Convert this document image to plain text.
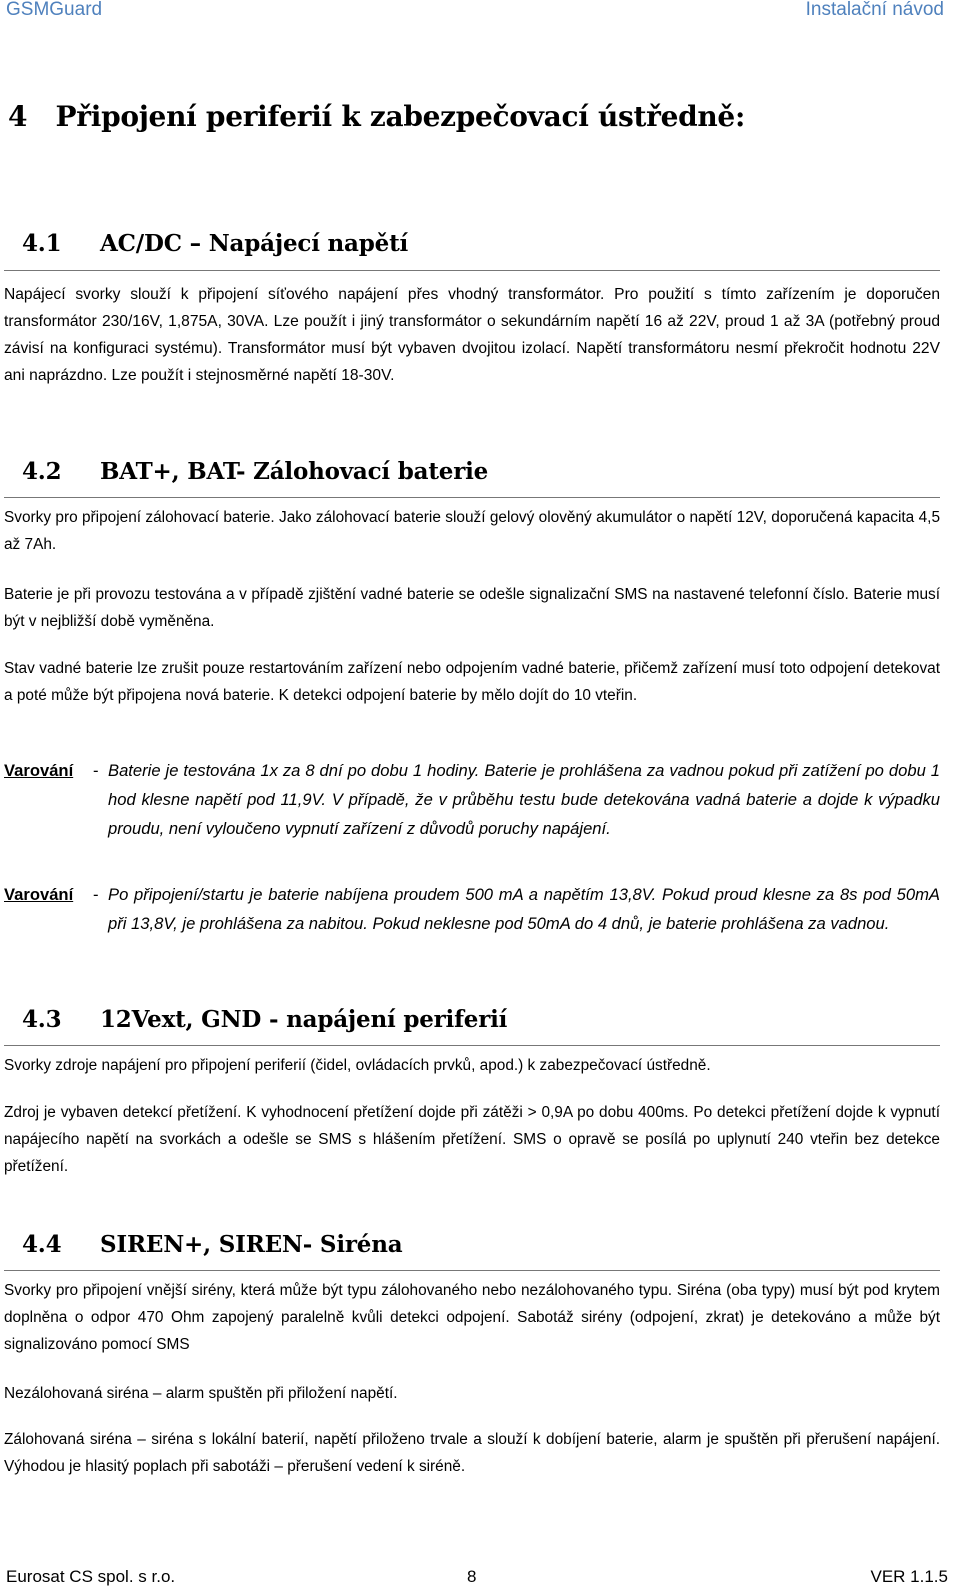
GSMGuard	Instalační návod
4   Připojení periferií k zabezpečovací ústředně:
4.1 AC/DC – Napájecí napětí

Napájecí svorky slouží k připojení síťového napájení přes vhodný transformátor. Pro použití s tímto zařízením je doporučen transformátor 230/16V, 1,875A, 30VA. Lze použít i jiný transformátor o sekundárním napětí 16 až 22V, proud 1 až 3A (potřebný proud závisí na konfiguraci systému). Transformátor musí být vybaven dvojitou izolací. Napětí transformátoru nesmí překročit hodnotu 22V ani naprázdno. Lze použít i stejnosměrné napětí 18-30V.

4.2 BAT+, BAT- Zálohovací baterie

Svorky pro připojení zálohovací baterie. Jako zálohovací baterie slouží gelový olověný akumulátor o napětí 12V, doporučená kapacita 4,5 až 7Ah.

Baterie je při provozu testována a v případě zjištění vadné baterie se odešle signalizační SMS na nastavené telefonní číslo. Baterie musí být v nejbližší době vyměněna.

Stav vadné baterie lze zrušit pouze restartováním zařízení nebo odpojením vadné baterie, přičemž zařízení musí toto odpojení detekovat a poté může být připojena nová baterie. K detekci odpojení baterie by mělo dojít do 10 vteřin.

Varování - Baterie je testována 1x za 8 dní po dobu 1 hodiny. Baterie je prohlášena za vadnou pokud při zatížení po dobu 1 hod klesne napětí pod 11,9V. V případě, že v průběhu testu bude detekována vadná baterie a dojde k výpadku proudu, není vyloučeno vypnutí zařízení z důvodů poruchy napájení.
Varování - Po připojení/startu je baterie nabíjena proudem 500 mA a napětím 13,8V. Pokud proud klesne za 8s pod 50mA při 13,8V, je prohlášena za nabitou. Pokud neklesne pod 50mA do 4 dnů, je baterie prohlášena za vadnou.
4.3 12Vext, GND - napájení periferií

Svorky zdroje napájení pro připojení periferií (čidel, ovládacích prvků, apod.) k zabezpečovací ústředně.

Zdroj je vybaven detekcí přetížení. K vyhodnocení přetížení dojde při zátěži > 0,9A po dobu 400ms. Po detekci přetížení dojde k vypnutí napájecího napětí na svorkách a odešle se SMS s hlášením přetížení. SMS o opravě se posílá po uplynutí 240 vteřin bez detekce přetížení.

4.4 SIREN+, SIREN- Siréna

Svorky pro připojení vnější sirény, která může být typu zálohovaného nebo nezálohovaného typu. Siréna (oba typy) musí být pod krytem doplněna o odpor 470 Ohm zapojený paralelně kvůli detekci odpojení. Sabotáž sirény (odpojení, zkrat) je detekováno a může být signalizováno pomocí SMS

Nezálohovaná siréna – alarm spuštěn při přiložení napětí.

Zálohovaná siréna – siréna s lokální baterií, napětí přiloženo trvale a slouží k dobíjení baterie, alarm je spuštěn při přerušení napájení. Výhodou je hlasitý poplach při sabotáži – přerušení vedení k siréně.

Eurosat CS spol. s r.o.	8	VER 1.1.5
